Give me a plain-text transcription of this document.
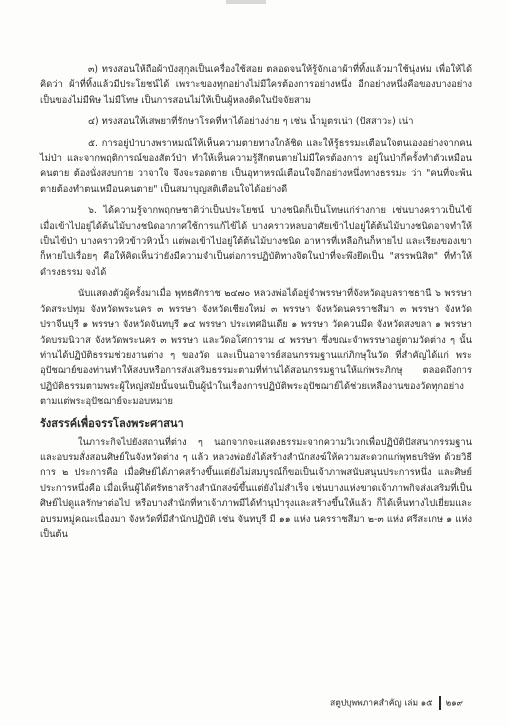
๓) ทรงสอนให้ถือผ้าบังสุกุลเป็นเครื่องใช้สอย ตลอดจนให้รู้จักเอาผ้าที่ทิ้งแล้วมาใช้นุ่งห่ม เพื่อให้ได้คิดว่า ผ้าที่ทิ้งแล้วมีประโยชน์ได้ เพราะของทุกอย่างไม่มีใครต้องการอย่างหนึ่ง อีกอย่างหนึ่งคือของบางอย่างเป็นของไม่มีพิษ ไม่มีโทษ เป็นการสอนไม่ให้เป็นผู้หลงติดในปัจจัยสาม

๔) ทรงสอนให้เสพยาที่รักษาโรคที่หาได้อย่างง่าย ๆ เช่น น้ำมูตรเน่า (ปัสสาวะ) เน่า

๕. การอยู่ป่าบางพราหมณ์ให้เห็นความตายทางใกล้ชิด และให้รู้ธรรมะเตือนใจตนเองอย่างจากคนไม่ป่า และจากพฤติการณ์ของสัตว์ป่า ทำให้เห็นความรู้สึกตนตายไม่มีใครต้องการ อยู่ในป่ากี่ครั้งทำตัวเหมือนคนตาย ต้องนั่งสงบกาย วาจาใจ จึงจะรอดตาย เป็นอุทาหรณ์เตือนใจอีกอย่างหนึ่งทางธรรมะ ว่า "คนที่จะพ้นตายต้องทำตนเหมือนคนตาย" เป็นสมาบุญสติเตือนใจได้อย่างดี

๖. ได้ความรู้จากพฤกษชาติว่าเป็นประโยชน์ บางชนิดก็เป็นโทษแก่ร่างกาย เช่นบางคราวเป็นไข้เมื่อเข้าไปอยู่ได้ต้นไม้บางชนิดอากาศใช้การแก้ไข้ได้ บางคราวหลบอาศัยเข้าไปอยู่ใต้ต้นไม้บางชนิดอาจทำให้เป็นไข้ป่า บางคราวหิวข้าวหิวน้ำ แต่พอเข้าไปอยู่ใต้ต้นไม้บางชนิด อาหารที่เหลือกินก็หายไป และเรียงของเขาก็หายไปเรื่อยๆ คือให้คิดเห็นว่ายังมีความจำเป็นต่อการปฏิบัติทางจิตในป่าที่จะพึงยึดเป็น "สรรพนิสิต" ที่ทำให้ดำรงธรรม จงได้

นับแสดงตัวผู้ครั้งมาเมื่อ พุทธศักราช ๒๔๗๐ หลวงพ่อได้อยู่จำพรรษาที่จังหวัดอุบลราชธานี ๖ พรรษา วัดสระปทุม จังหวัดพระนคร ๓ พรรษา จังหวัดเชียงใหม่ ๓ พรรษา จังหวัดนครราชสีมา ๓ พรรษา จังหวัดปราจีนบุรี ๑ พรรษา จังหวัดจันทบุรี ๑๔ พรรษา ประเทศอินเดีย ๑ พรรษา วัดควนมีด จังหวัดสงขลา ๑ พรรษา วัดบรมนิวาส จังหวัดพระนคร ๓ พรรษา และวัดอโศการาม ๔ พรรษา ซึ่งขณะจำพรรษาอยู่ตามวัดต่าง ๆ นั้น ท่านได้ปฏิบัติธรรมช่วยงานต่าง ๆ ของวัด และเป็นอาจารย์สอนกรรมฐานแก่ภิกษุในวัด ที่สำคัญได้แก่ พระอุปัชฌาย์ของท่านทำให้สงบหรือการส่งเสริมธรรมะตามที่ท่านได้สอนกรรมฐานให้แก่พระภิกษุ ตลอดถึงการปฏิบัติธรรมตามพระผู้ใหญ่สมัยนั้นจนเป็นผู้นำในเรื่องการปฏิบัติพระอุปัชฌาย์ได้ช่วยเหลืองานของวัดทุกอย่างตามแต่พระอุปัชฌาย์จะมอบหมาย

รังสรรค์เพื่อจรรโลงพระศาสนา

ในภาระกิจไปยังสถานที่ต่าง ๆ นอกจากจะแสดงธรรมะจากความวิเวกเพื่อปฏิบัติปัสสนากรรมฐาน และอบรมสั่งสอนศิษย์ในจังหวัดต่าง ๆ แล้ว หลวงพ่อยังได้สร้างสำนักสงฆ์ให้ความสะดวกแก่พุทธบริษัท ด้วยวิธีการ ๒ ประการคือ เมื่อศิษย์ได้ภาคสร้างขึ้นแต่ยังไม่สมบูรณ์ก็ขอเป็นเจ้าภาพสนับสนุนประการหนึ่ง และศิษย์ประการหนึ่งคือ เมื่อเห็นผู้ได้ศรัทธาสร้างสำนักสงฆ์ขึ้นแต่ยังไม่สำเร็จ เช่นบางแห่งขาดเจ้าภาพกิจส่งเสริมที่เป็นศิษย์ไปดูแลรักษาต่อไป หรือบางสำนักที่หาเจ้าภาพมีได้ทำนุบำรุงและสร้างขึ้นให้แล้ว ก็ได้เห็นทางไปเยี่ยมและอบรมหมู่คณะเนื่องมา จังหวัดที่มีสำนักปฏิบัติ เช่น จันทบุรี มี ๑๑ แห่ง นครราชสีมา ๒-๓ แห่ง ศรีสะเกษ ๑ แห่ง เป็นต้น

สตูปบุพพภาคสำคัญ เล่ม ๑๕ ๒๑๙
